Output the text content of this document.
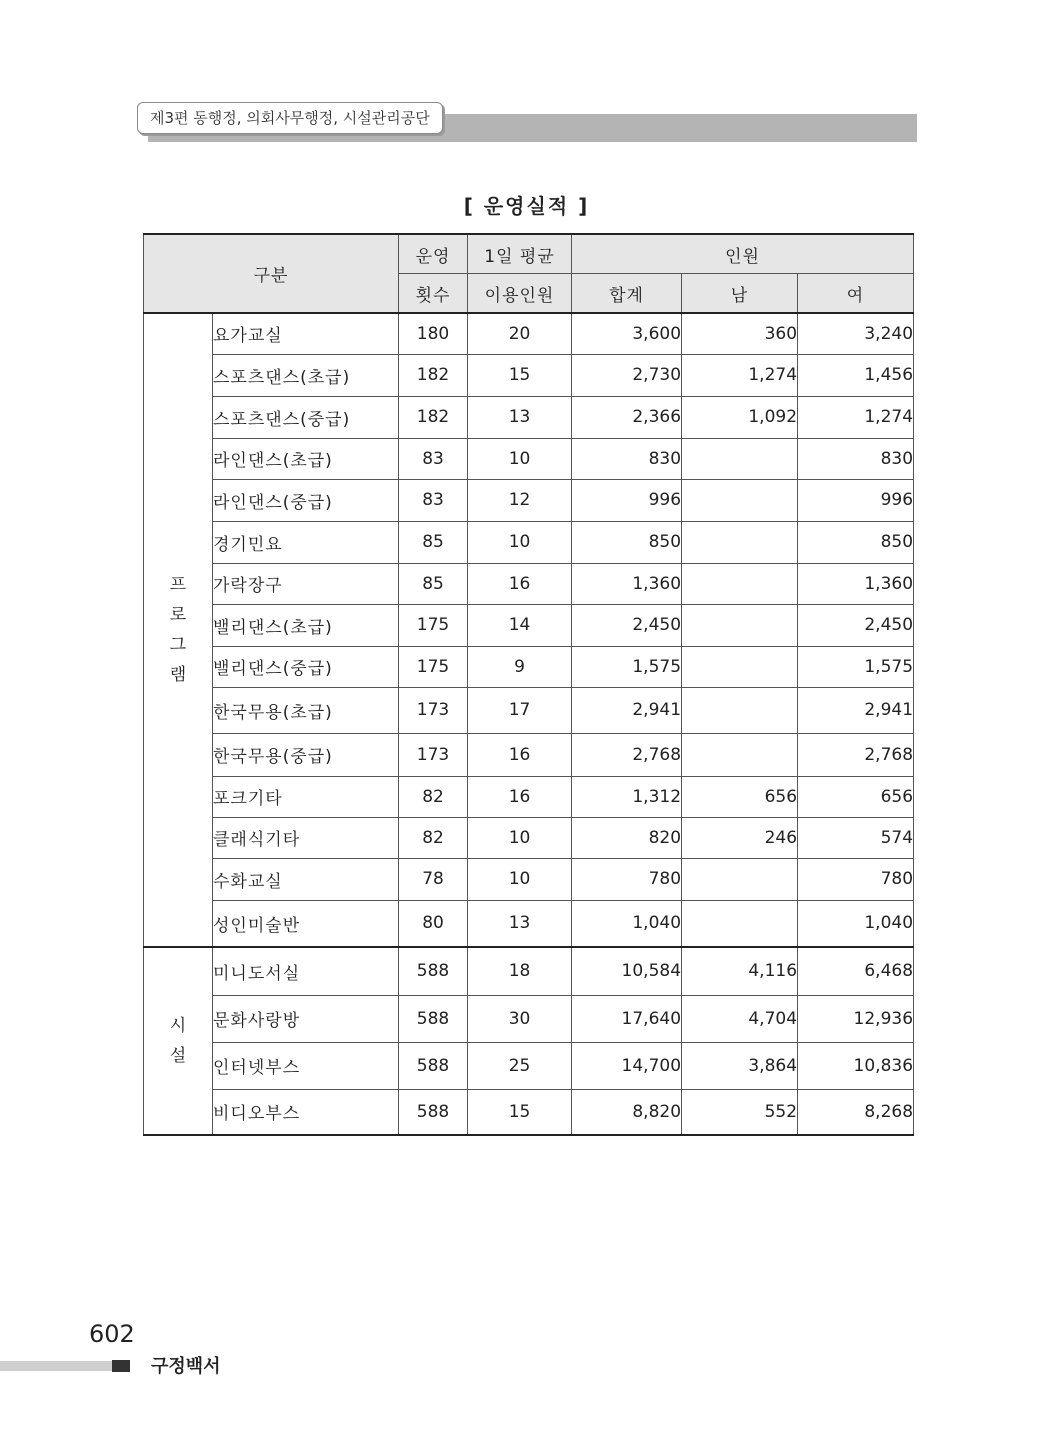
제3편 동행정, 의회사무행정, 시설관리공단
[ 운영실적 ]
구분		운영	1일 평균	인원		
		횟수	이용인원	합계	남	여

프
로
그
램	요가교실	180	20	3,600	360	3,240
	스포츠댄스(초급)	182	15	2,730	1,274	1,456
	스포츠댄스(중급)	182	13	2,366	1,092	1,274
	라인댄스(초급)	83	10	830		830
	라인댄스(중급)	83	12	996		996
	경기민요	85	10	850		850
	가락장구	85	16	1,360		1,360
	밸리댄스(초급)	175	14	2,450		2,450
	밸리댄스(중급)	175	9	1,575		1,575
	한국무용(초급)	173	17	2,941		2,941
	한국무용(중급)	173	16	2,768		2,768
	포크기타	82	16	1,312	656	656
	클래식기타	82	10	820	246	574
	수화교실	78	10	780		780
	성인미술반	80	13	1,040		1,040

시
설	미니도서실	588	18	10,584	4,116	6,468
	문화사랑방	588	30	17,640	4,704	12,936
	인터넷부스	588	25	14,700	3,864	10,836
	비디오부스	588	15	8,820	552	8,268
602
구정백서
